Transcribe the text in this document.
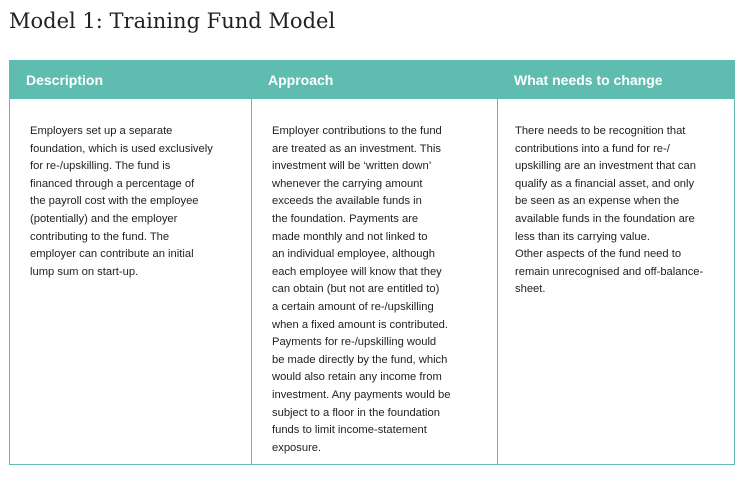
Model 1: Training Fund Model
Description
Employers set up a separate
foundation, which is used exclusively
for re-/upskilling. The fund is
financed through a percentage of
the payroll cost with the employee
(potentially) and the employer
contributing to the fund. The
employer can contribute an initial
lump sum on start-up.
Approach
Employer contributions to the fund
are treated as an investment. This
investment will be ‘written down’
whenever the carrying amount
exceeds the available funds in
the foundation. Payments are
made monthly and not linked to
an individual employee, although
each employee will know that they
can obtain (but not are entitled to)
a certain amount of re-/upskilling
when a fixed amount is contributed.
Payments for re-/upskilling would
be made directly by the fund, which
would also retain any income from
investment. Any payments would be
subject to a floor in the foundation
funds to limit income-statement
exposure.
What needs to change
There needs to be recognition that
contributions into a fund for re-/
upskilling are an investment that can
qualify as a financial asset, and only
be seen as an expense when the
available funds in the foundation are
less than its carrying value.
Other aspects of the fund need to
remain unrecognised and off-balance-
sheet.
